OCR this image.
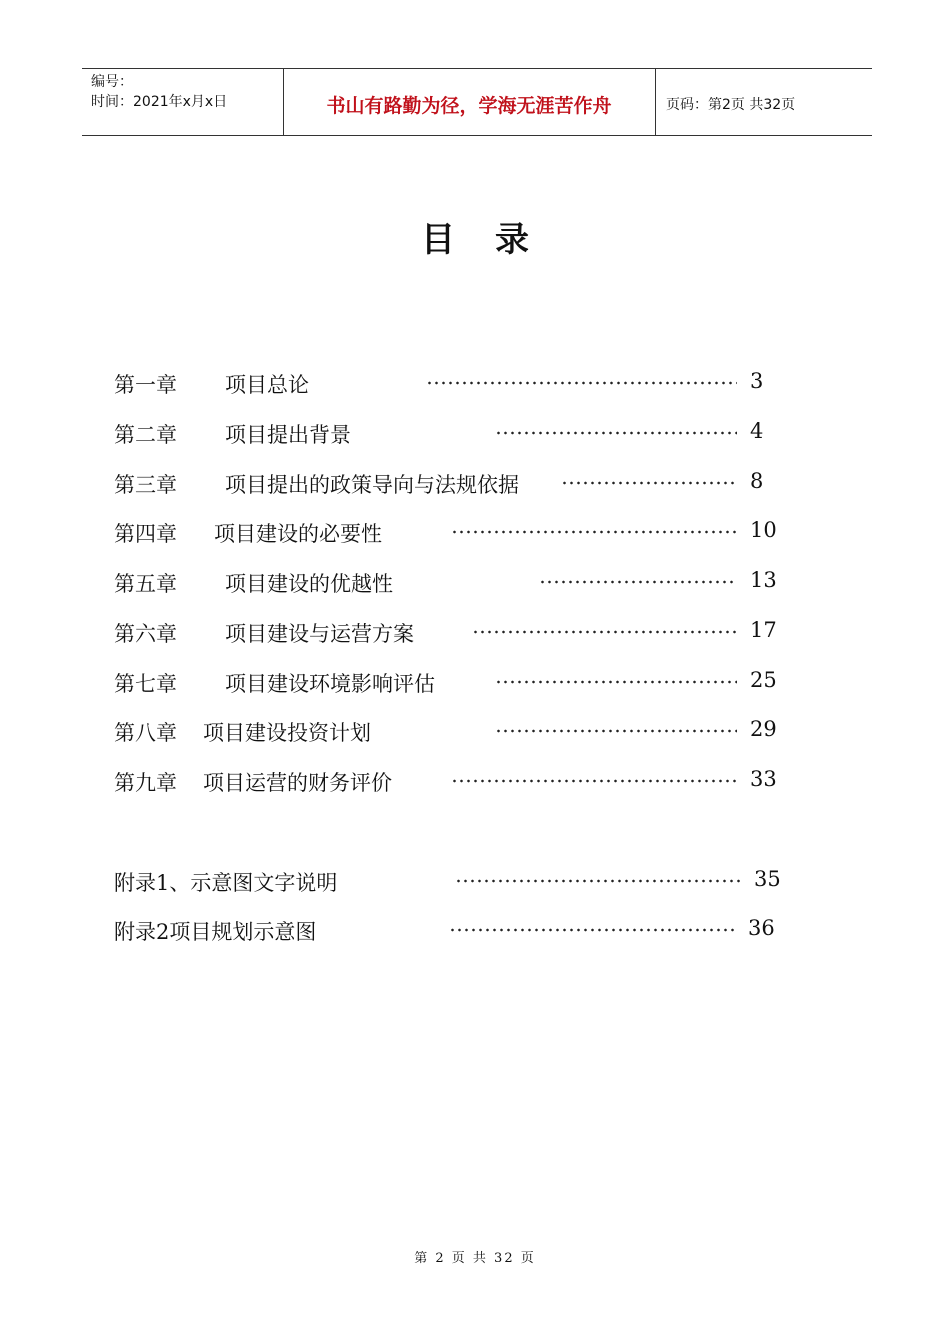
编号：
时间：2021年x月x日	书山有路勤为径，学海无涯苦作舟	页码：第2页 共32页
目录
第一章 项目总论	3
第二章 项目提出背景	4
第三章 项目提出的政策导向与法规依据	8
第四章 项目建设的必要性	10
第五章 项目建设的优越性	13
第六章 项目建设与运营方案	17
第七章 项目建设环境影响评估	25
第八章 项目建设投资计划	29
第九章 项目运营的财务评价	33
附录1、示意图文字说明	35
附录2项目规划示意图	36
第 2 页 共 32 页
